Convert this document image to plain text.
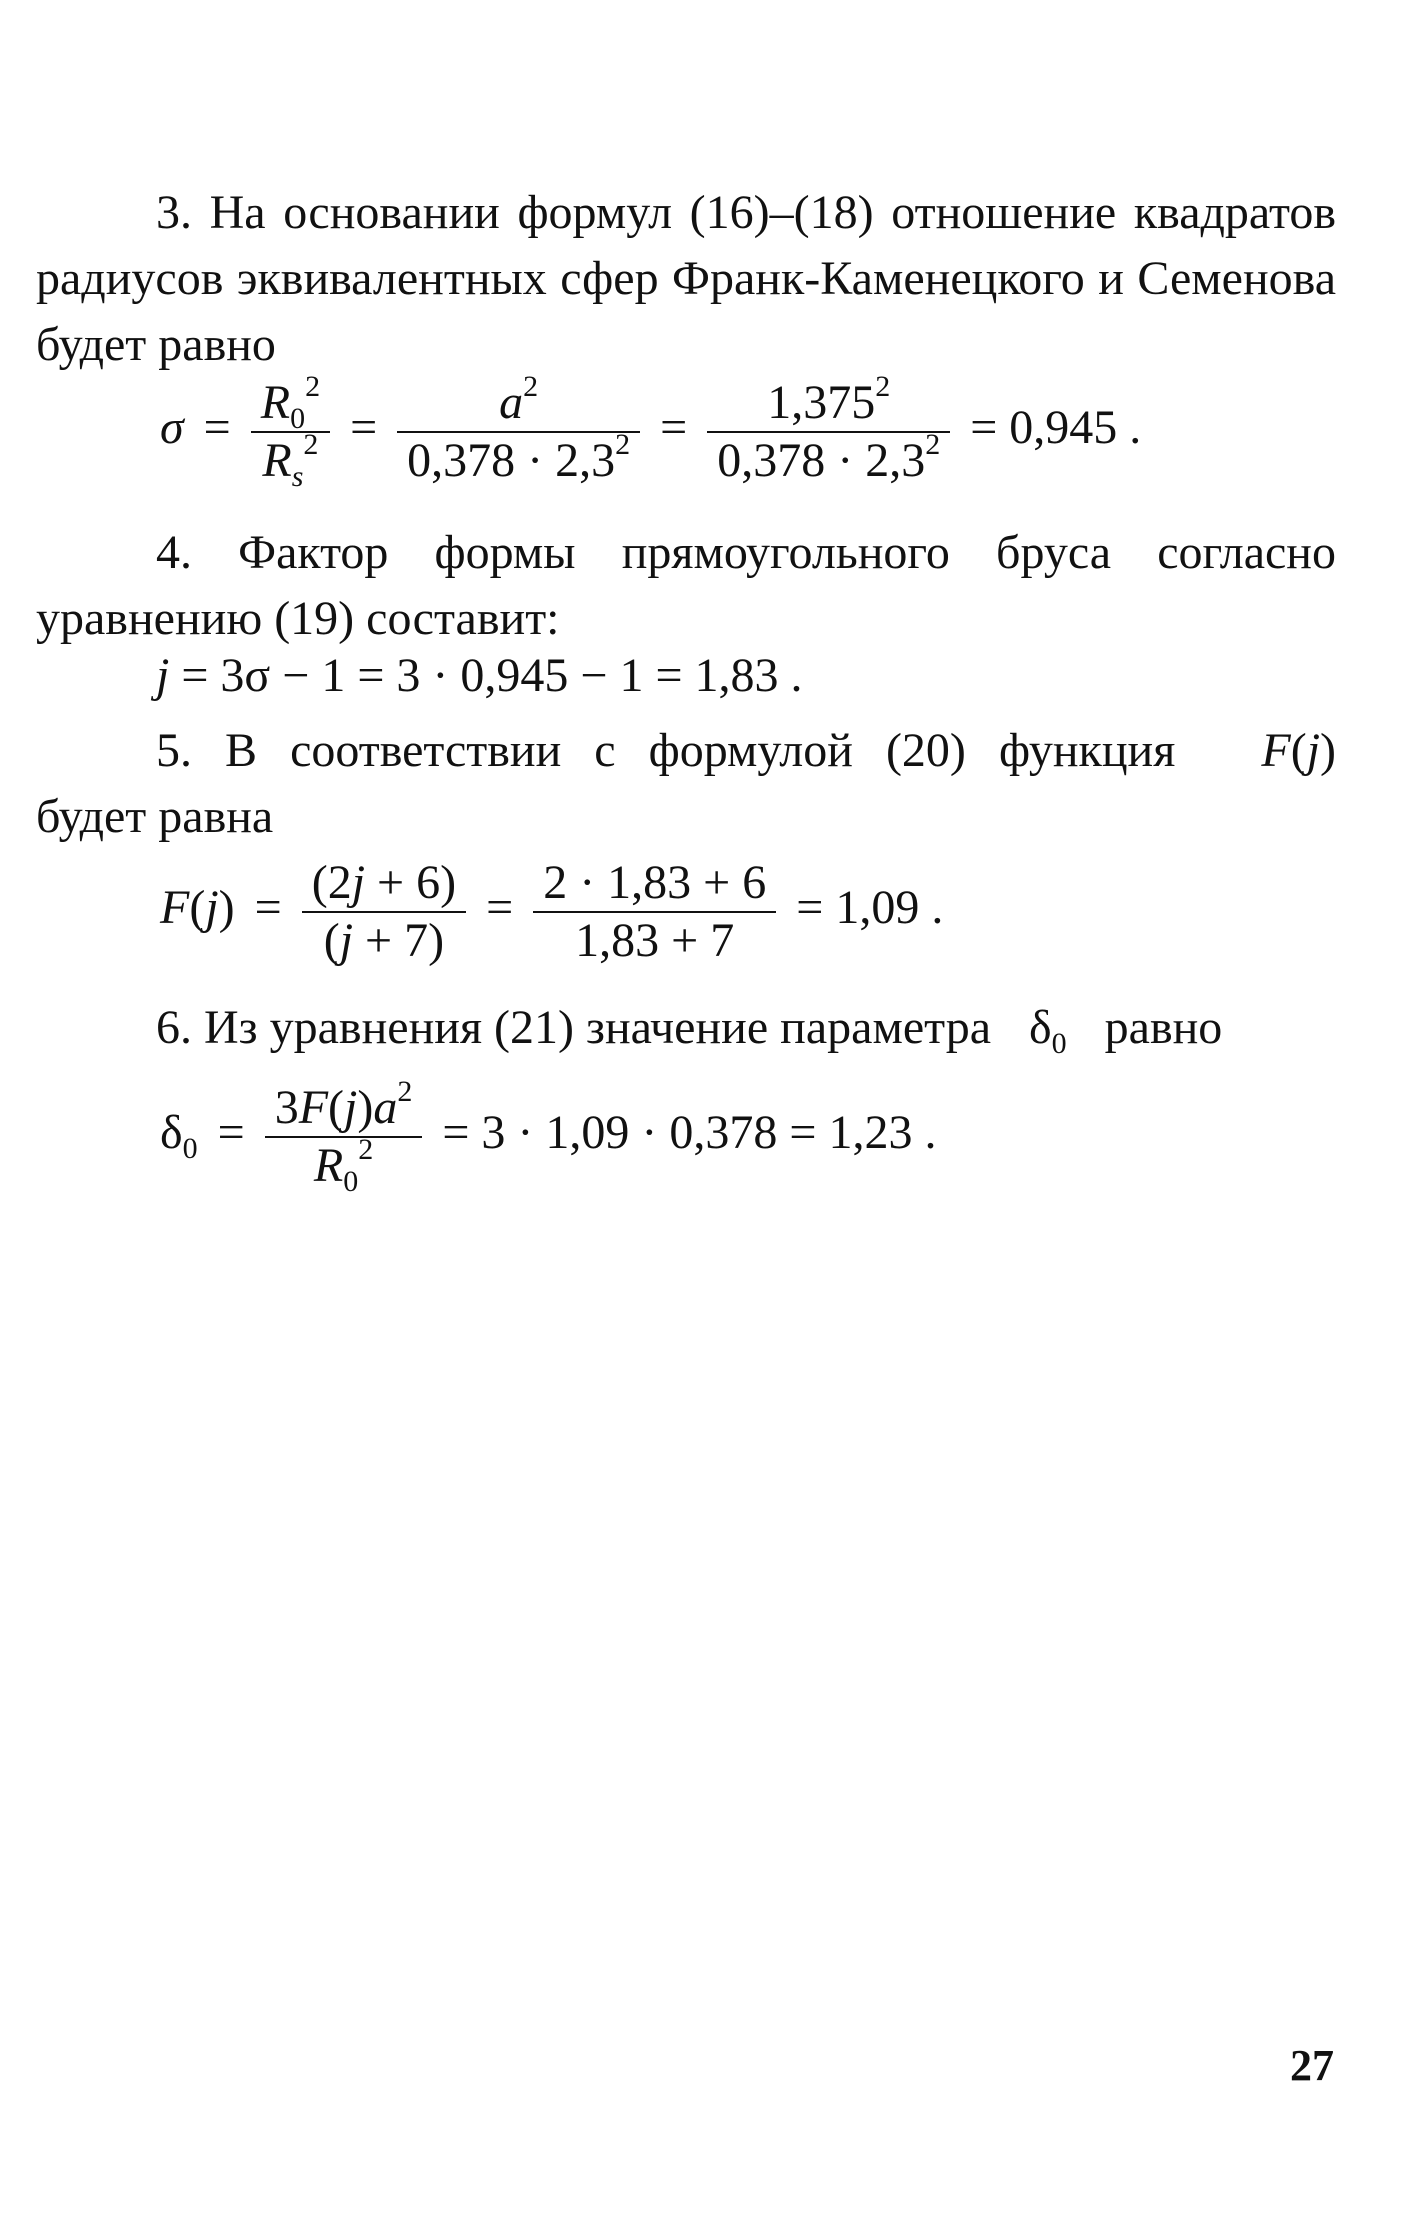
3. На основании формул (16)–(18) отношение квадратов радиусов эквивалентных сфер Франк-Каменецкого и Семенова будет равно
$\sigma = \frac{R_0^2}{R_s^2} = \frac{a^2}{0,378 \cdot 2,3^2} = \frac{1,375^2}{0,378 \cdot 2,3^2} = 0,945$ .
4. Фактор формы прямоугольного бруса согласно уравнению (19) составит:
j = 3σ − 1 = 3 · 0,945 − 1 = 1,83 .
5. В соответствии с формулой (20) функция F(j)
будет равна
$F(j) = \frac{(2j + 6)}{(j + 7)} = \frac{2 \cdot 1,83 + 6}{1,83 + 7} = 1,09$ .
6. Из уравнения (21) значение параметра $\delta_0$ равно
$\delta_0 = \frac{3F(j)a^2}{R_0^2} = 3 \cdot 1,09 \cdot 0,378 = 1,23$ .
27
